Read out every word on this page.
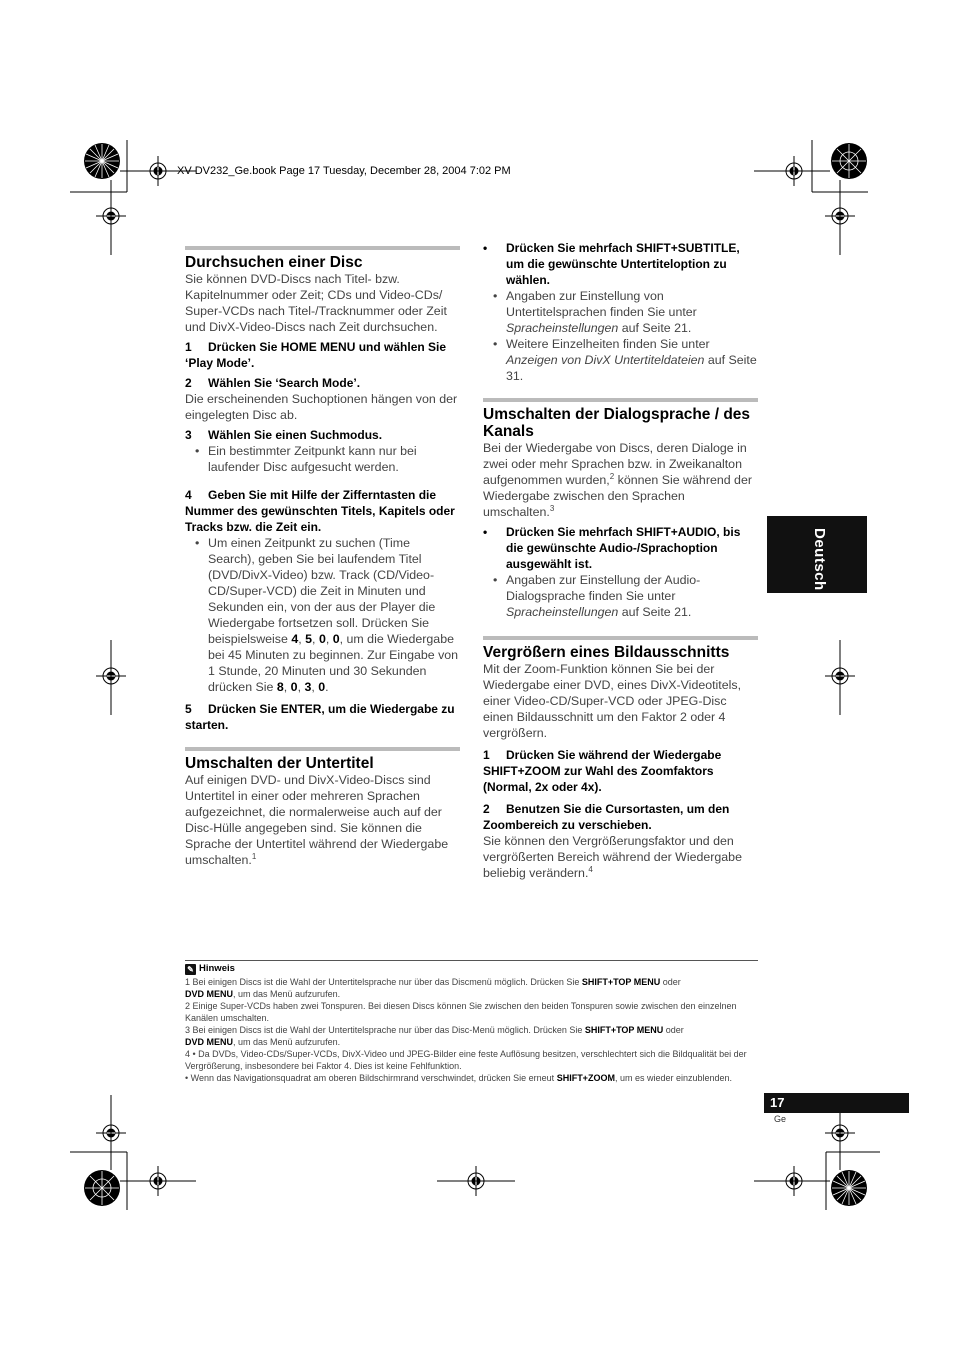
XV-DV232_Ge.book Page 17 Tuesday, December 28, 2004 7:02 PM
Durchsuchen einer Disc

Sie können DVD-Discs nach Titel- bzw. Kapitelnummer oder Zeit; CDs und Video-CDs/ Super-VCDs nach Titel-/Tracknummer oder Zeit und DivX-Video-Discs nach Zeit durchsuchen.

1 Drücken Sie HOME MENU und wählen Sie ‘Play Mode’.
2 Wählen Sie ‘Search Mode’.

Die erscheinenden Suchoptionen hängen von der eingelegten Disc ab.

3 Wählen Sie einen Suchmodus.
• Ein bestimmter Zeitpunkt kann nur bei laufender Disc aufgesucht werden.
4 Geben Sie mit Hilfe der Zifferntasten die Nummer des gewünschten Titels, Kapitels oder Tracks bzw. die Zeit ein.
• Um einen Zeitpunkt zu suchen (Time Search), geben Sie bei laufendem Titel (DVD/DivX-Video) bzw. Track (CD/Video-CD/Super-VCD) die Zeit in Minuten und Sekunden ein, von der aus der Player die Wiedergabe fortsetzen soll. Drücken Sie beispielsweise 4, 5, 0, 0, um die Wiedergabe bei 45 Minuten zu beginnen. Zur Eingabe von 1 Stunde, 20 Minuten und 30 Sekunden drücken Sie 8, 0, 3, 0.
5 Drücken Sie ENTER, um die Wiedergabe zu starten.
Umschalten der Untertitel

Auf einigen DVD- und DivX-Video-Discs sind Untertitel in einer oder mehreren Sprachen aufgezeichnet, die normalerweise auch auf der Disc-Hülle angegeben sind. Sie können die Sprache der Untertitel während der Wiedergabe umschalten.$^1$

• Drücken Sie mehrfach SHIFT+SUBTITLE, um die gewünschte Untertiteloption zu wählen.
• Angaben zur Einstellung von Untertitelsprachen finden Sie unter Spracheinstellungen auf Seite 21.
• Weitere Einzelheiten finden Sie unter Anzeigen von DivX Untertiteldateien auf Seite 31.
Umschalten der Dialogsprache / des Kanals

Bei der Wiedergabe von Discs, deren Dialoge in zwei oder mehr Sprachen bzw. in Zweikanalton aufgenommen wurden,$^2$ können Sie während der Wiedergabe zwischen den Sprachen umschalten.$^3$

• Drücken Sie mehrfach SHIFT+AUDIO, bis die gewünschte Audio-/Sprachoption ausgewählt ist.
• Angaben zur Einstellung der Audio-Dialogsprache finden Sie unter Spracheinstellungen auf Seite 21.
Vergrößern eines Bildausschnitts

Mit der Zoom-Funktion können Sie bei der Wiedergabe einer DVD, eines DivX-Videotitels, einer Video-CD/Super-VCD oder JPEG-Disc einen Bildausschnitt um den Faktor 2 oder 4 vergrößern.

1 Drücken Sie während der Wiedergabe SHIFT+ZOOM zur Wahl des Zoomfaktors (Normal, 2x oder 4x).
2 Benutzen Sie die Cursortasten, um den Zoombereich zu verschieben.

Sie können den Vergrößerungsfaktor und den vergrößerten Bereich während der Wiedergabe beliebig verändern.$^4$

Deutsch
✎ Hinweis
1 Bei einigen Discs ist die Wahl der Untertitelsprache nur über das Discmenü möglich. Drücken Sie SHIFT+TOP MENU oder
DVD MENU, um das Menü aufzurufen.
2 Einige Super-VCDs haben zwei Tonspuren. Bei diesen Discs können Sie zwischen den beiden Tonspuren sowie zwischen den einzelnen Kanälen umschalten.
3 Bei einigen Discs ist die Wahl der Untertitelsprache nur über das Disc-Menü möglich. Drücken Sie SHIFT+TOP MENU oder
DVD MENU, um das Menü aufzurufen.
4 • Da DVDs, Video-CDs/Super-VCDs, DivX-Video und JPEG-Bilder eine feste Auflösung besitzen, verschlechtert sich die Bildqualität bei der Vergrößerung, insbesondere bei Faktor 4. Dies ist keine Fehlfunktion.
• Wenn das Navigationsquadrat am oberen Bildschirmrand verschwindet, drücken Sie erneut SHIFT+ZOOM, um es wieder einzublenden.
17
Ge
